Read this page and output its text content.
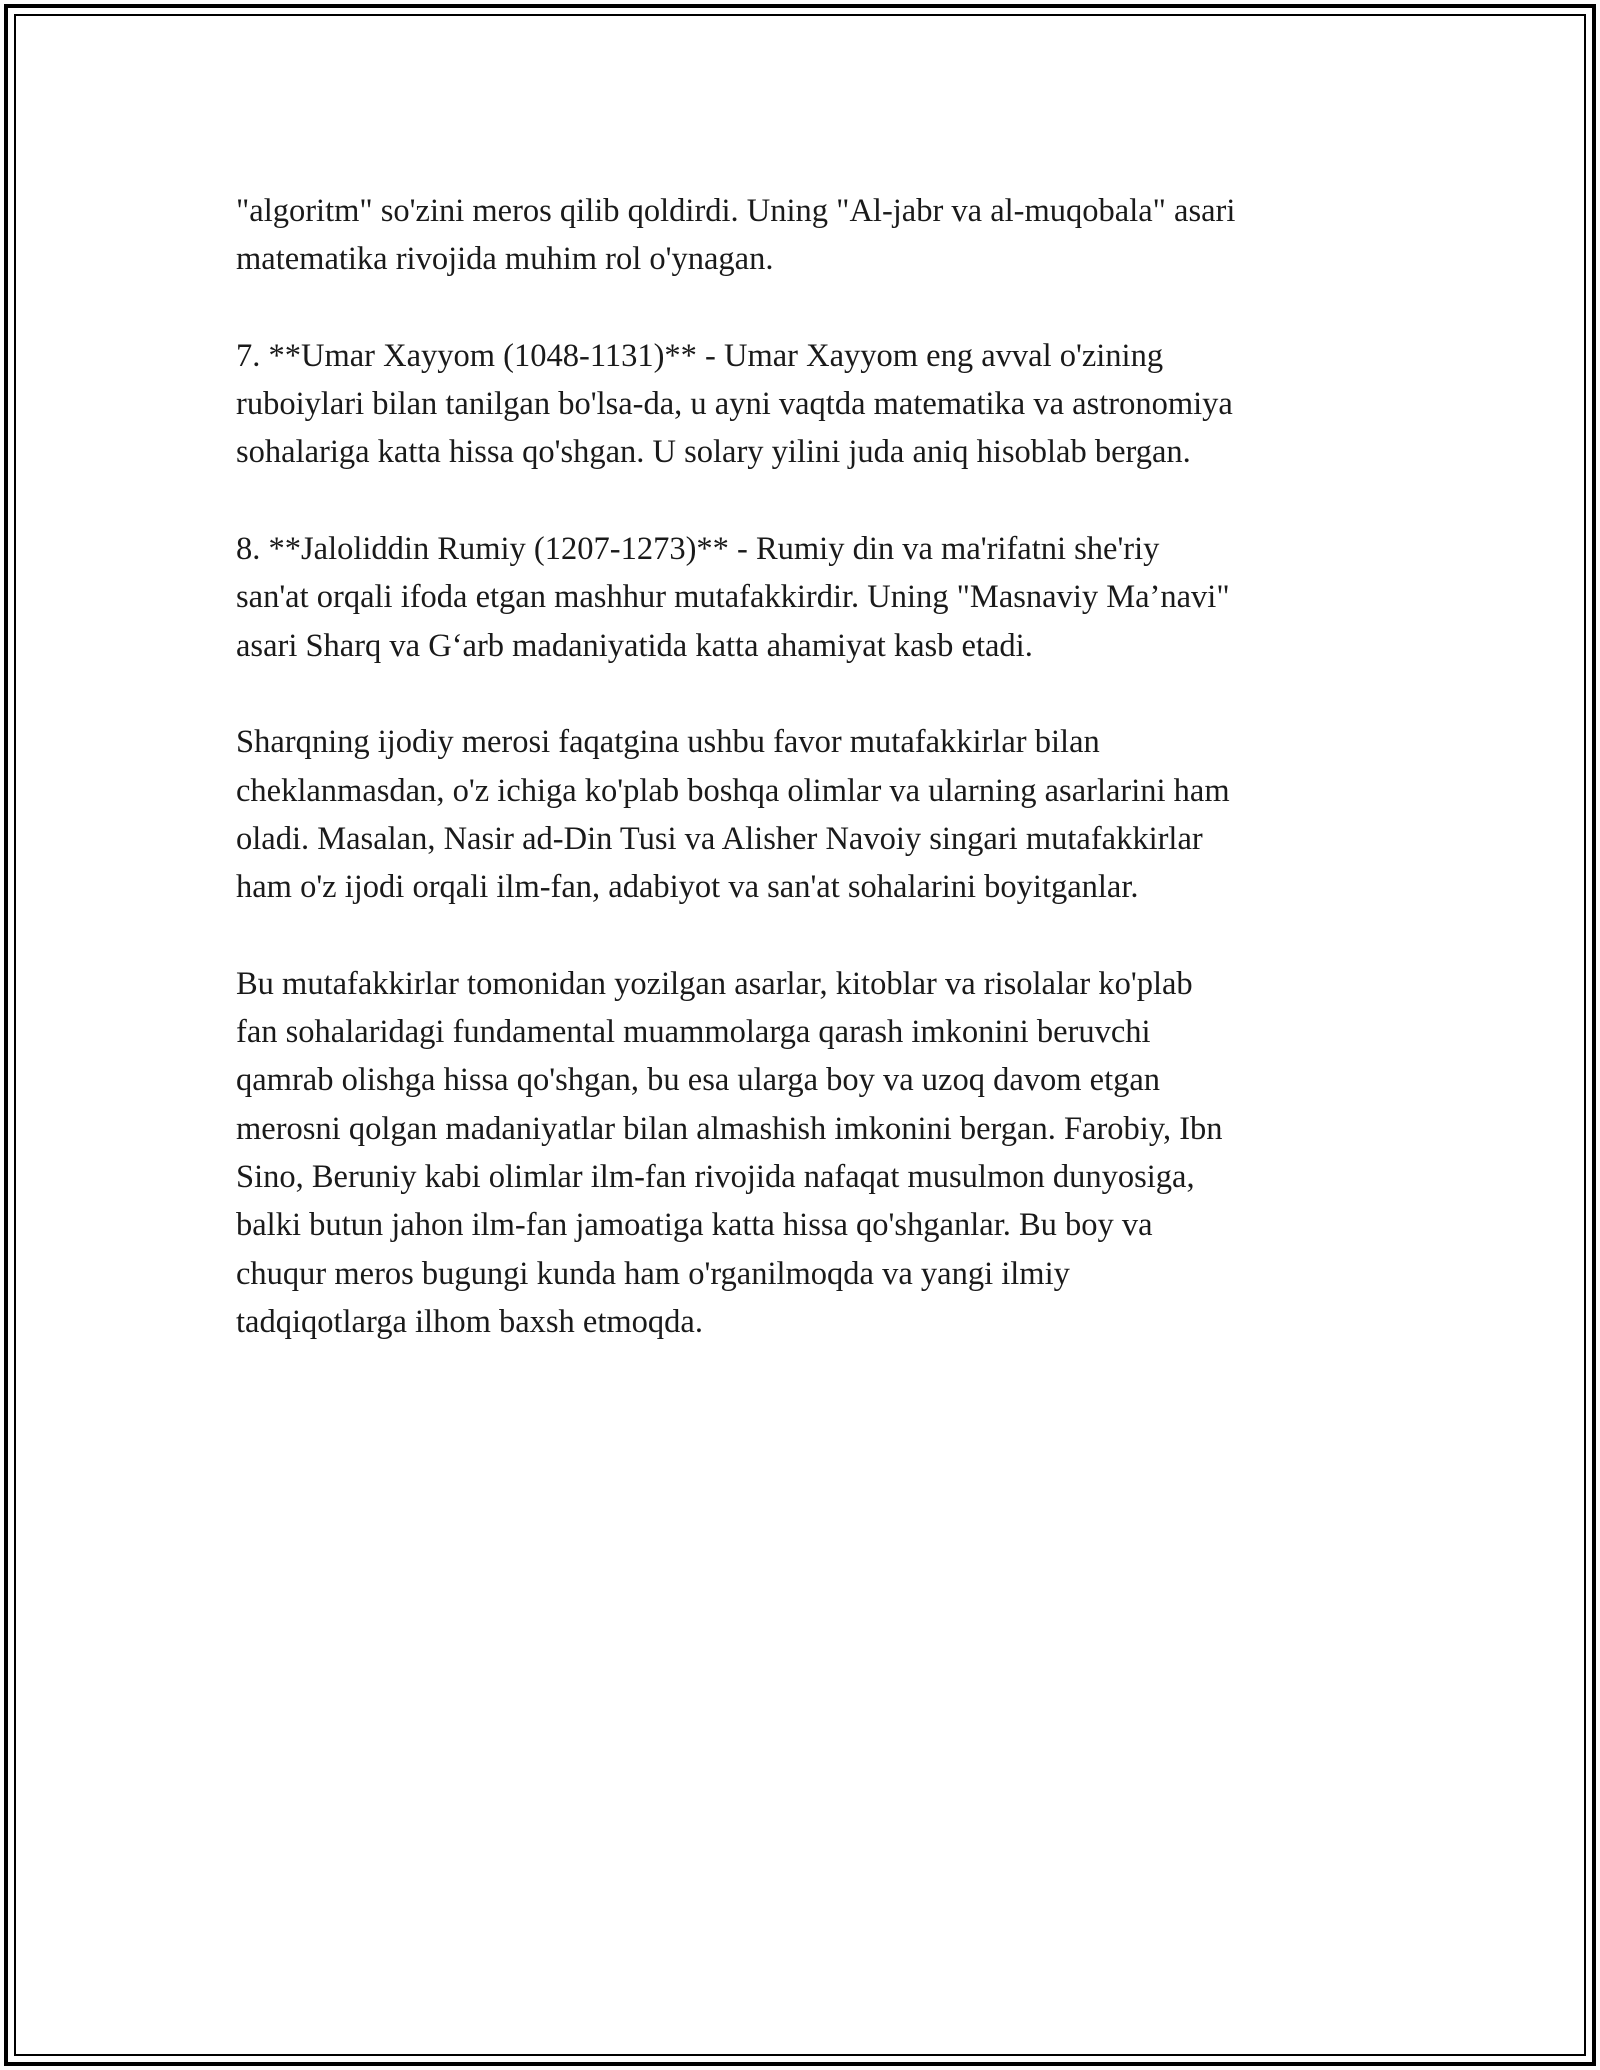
"algoritm" so'zini meros qilib qoldirdi. Uning "Al-jabr va al-muqobala" asari
matematika rivojida muhim rol o'ynagan.

7. **Umar Xayyom (1048-1131)** - Umar Xayyom eng avval o'zining
ruboiylari bilan tanilgan bo'lsa-da, u ayni vaqtda matematika va astronomiya
sohalariga katta hissa qo'shgan. U solary yilini juda aniq hisoblab bergan.

8. **Jaloliddin Rumiy (1207-1273)** - Rumiy din va ma'rifatni she'riy
san'at orqali ifoda etgan mashhur mutafakkirdir. Uning "Masnaviy Ma’navi"
asari Sharq va G‘arb madaniyatida katta ahamiyat kasb etadi.

Sharqning ijodiy merosi faqatgina ushbu favor mutafakkirlar bilan
cheklanmasdan, o'z ichiga ko'plab boshqa olimlar va ularning asarlarini ham
oladi. Masalan, Nasir ad-Din Tusi va Alisher Navoiy singari mutafakkirlar
ham o'z ijodi orqali ilm-fan, adabiyot va san'at sohalarini boyitganlar.

Bu mutafakkirlar tomonidan yozilgan asarlar, kitoblar va risolalar ko'plab
fan sohalaridagi fundamental muammolarga qarash imkonini beruvchi
qamrab olishga hissa qo'shgan, bu esa ularga boy va uzoq davom etgan
merosni qolgan madaniyatlar bilan almashish imkonini bergan. Farobiy, Ibn
Sino, Beruniy kabi olimlar ilm-fan rivojida nafaqat musulmon dunyosiga,
balki butun jahon ilm-fan jamoatiga katta hissa qo'shganlar. Bu boy va
chuqur meros bugungi kunda ham o'rganilmoqda va yangi ilmiy
tadqiqotlarga ilhom baxsh etmoqda.
